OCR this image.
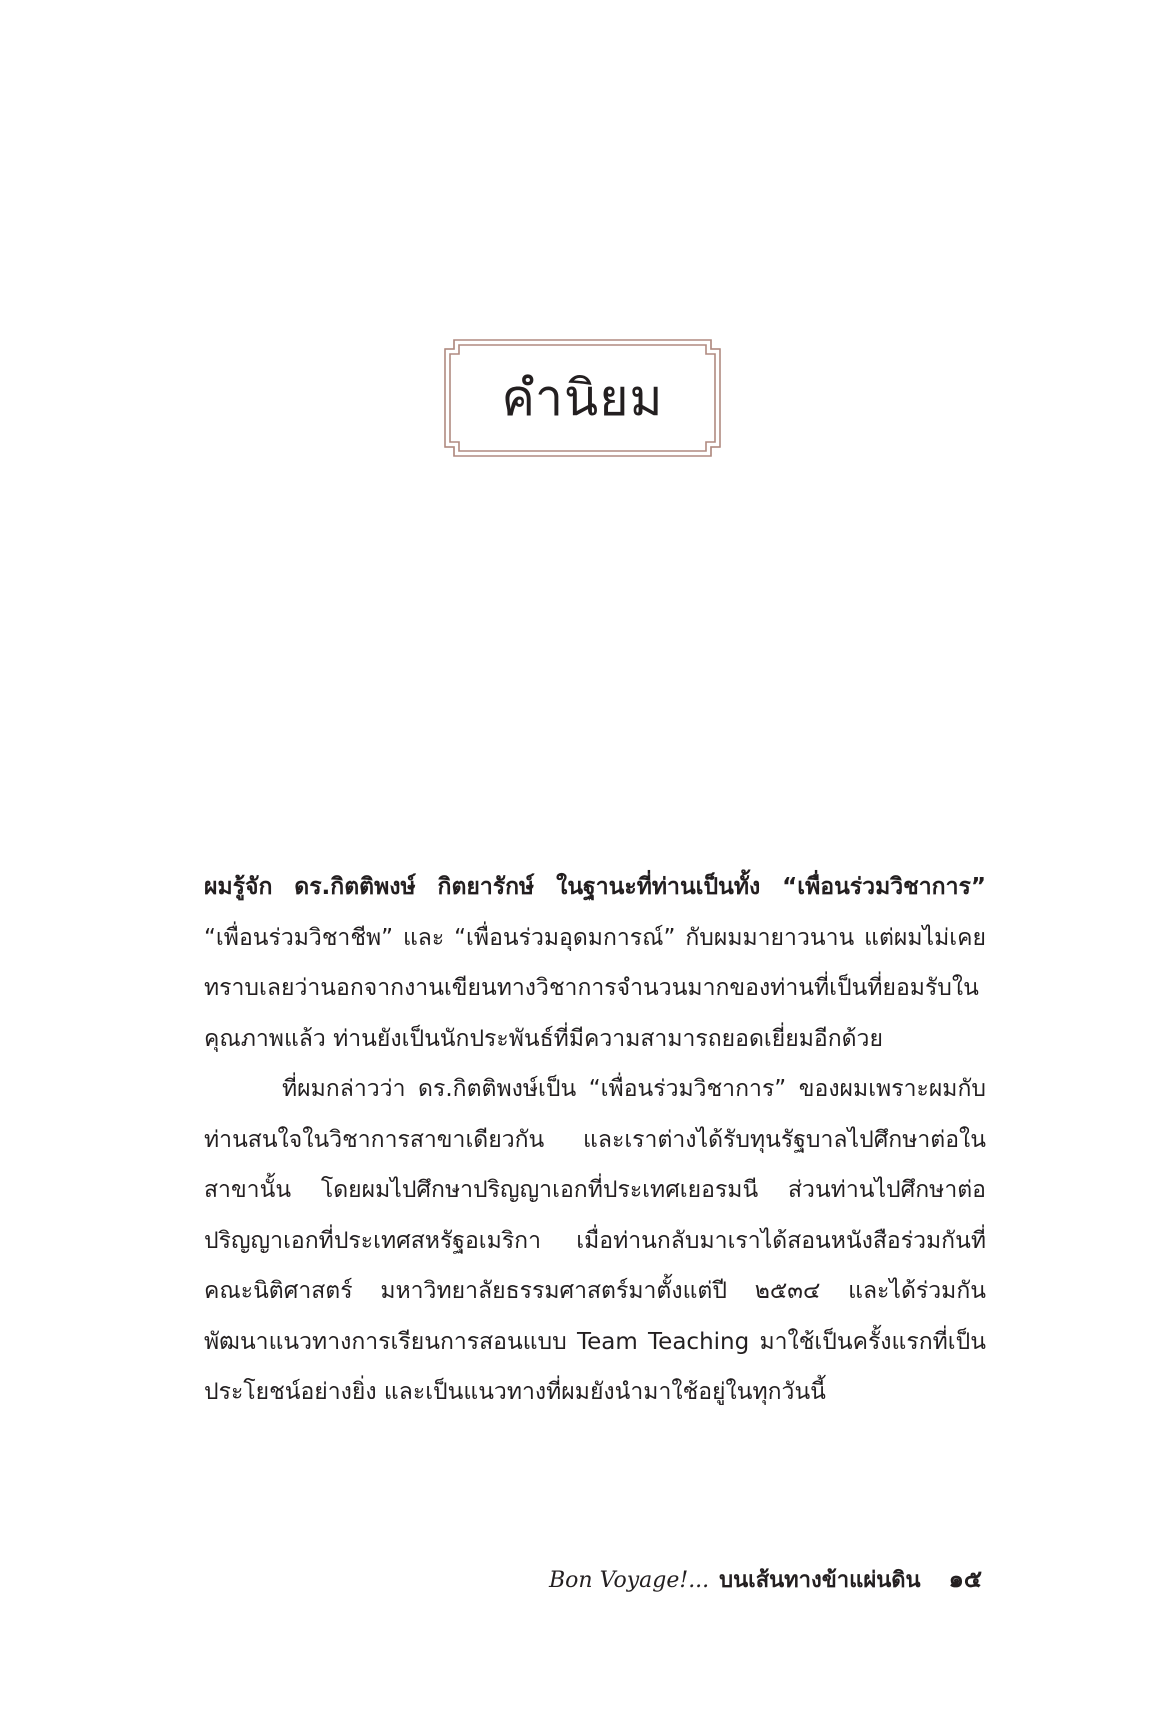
คำนิยม

ผมรู้จัก ดร.กิตติพงษ์ กิตยารักษ์ ในฐานะที่ท่านเป็นทั้ง “เพื่อนร่วมวิชาการ” “เพื่อนร่วมวิชาชีพ” และ “เพื่อนร่วมอุดมการณ์” กับผมมายาวนาน แต่ผมไม่เคยทราบเลยว่านอกจากงานเขียนทางวิชาการจำนวนมากของท่านที่เป็นที่ยอมรับในคุณภาพแล้ว ท่านยังเป็นนักประพันธ์ที่มีความสามารถยอดเยี่ยมอีกด้วย

ที่ผมกล่าวว่า ดร.กิตติพงษ์เป็น “เพื่อนร่วมวิชาการ” ของผมเพราะผมกับท่านสนใจในวิชาการสาขาเดียวกัน และเราต่างได้รับทุนรัฐบาลไปศึกษาต่อในสาขานั้น โดยผมไปศึกษาปริญญาเอกที่ประเทศเยอรมนี ส่วนท่านไปศึกษาต่อปริญญาเอกที่ประเทศสหรัฐอเมริกา เมื่อท่านกลับมาเราได้สอนหนังสือร่วมกันที่คณะนิติศาสตร์ มหาวิทยาลัยธรรมศาสตร์มาตั้งแต่ปี ๒๕๓๔ และได้ร่วมกันพัฒนาแนวทางการเรียนการสอนแบบ Team Teaching มาใช้เป็นครั้งแรกที่เป็นประโยชน์อย่างยิ่ง และเป็นแนวทางที่ผมยังนำมาใช้อยู่ในทุกวันนี้

Bon Voyage!... บนเส้นทางข้าแผ่นดิน ๑๕
